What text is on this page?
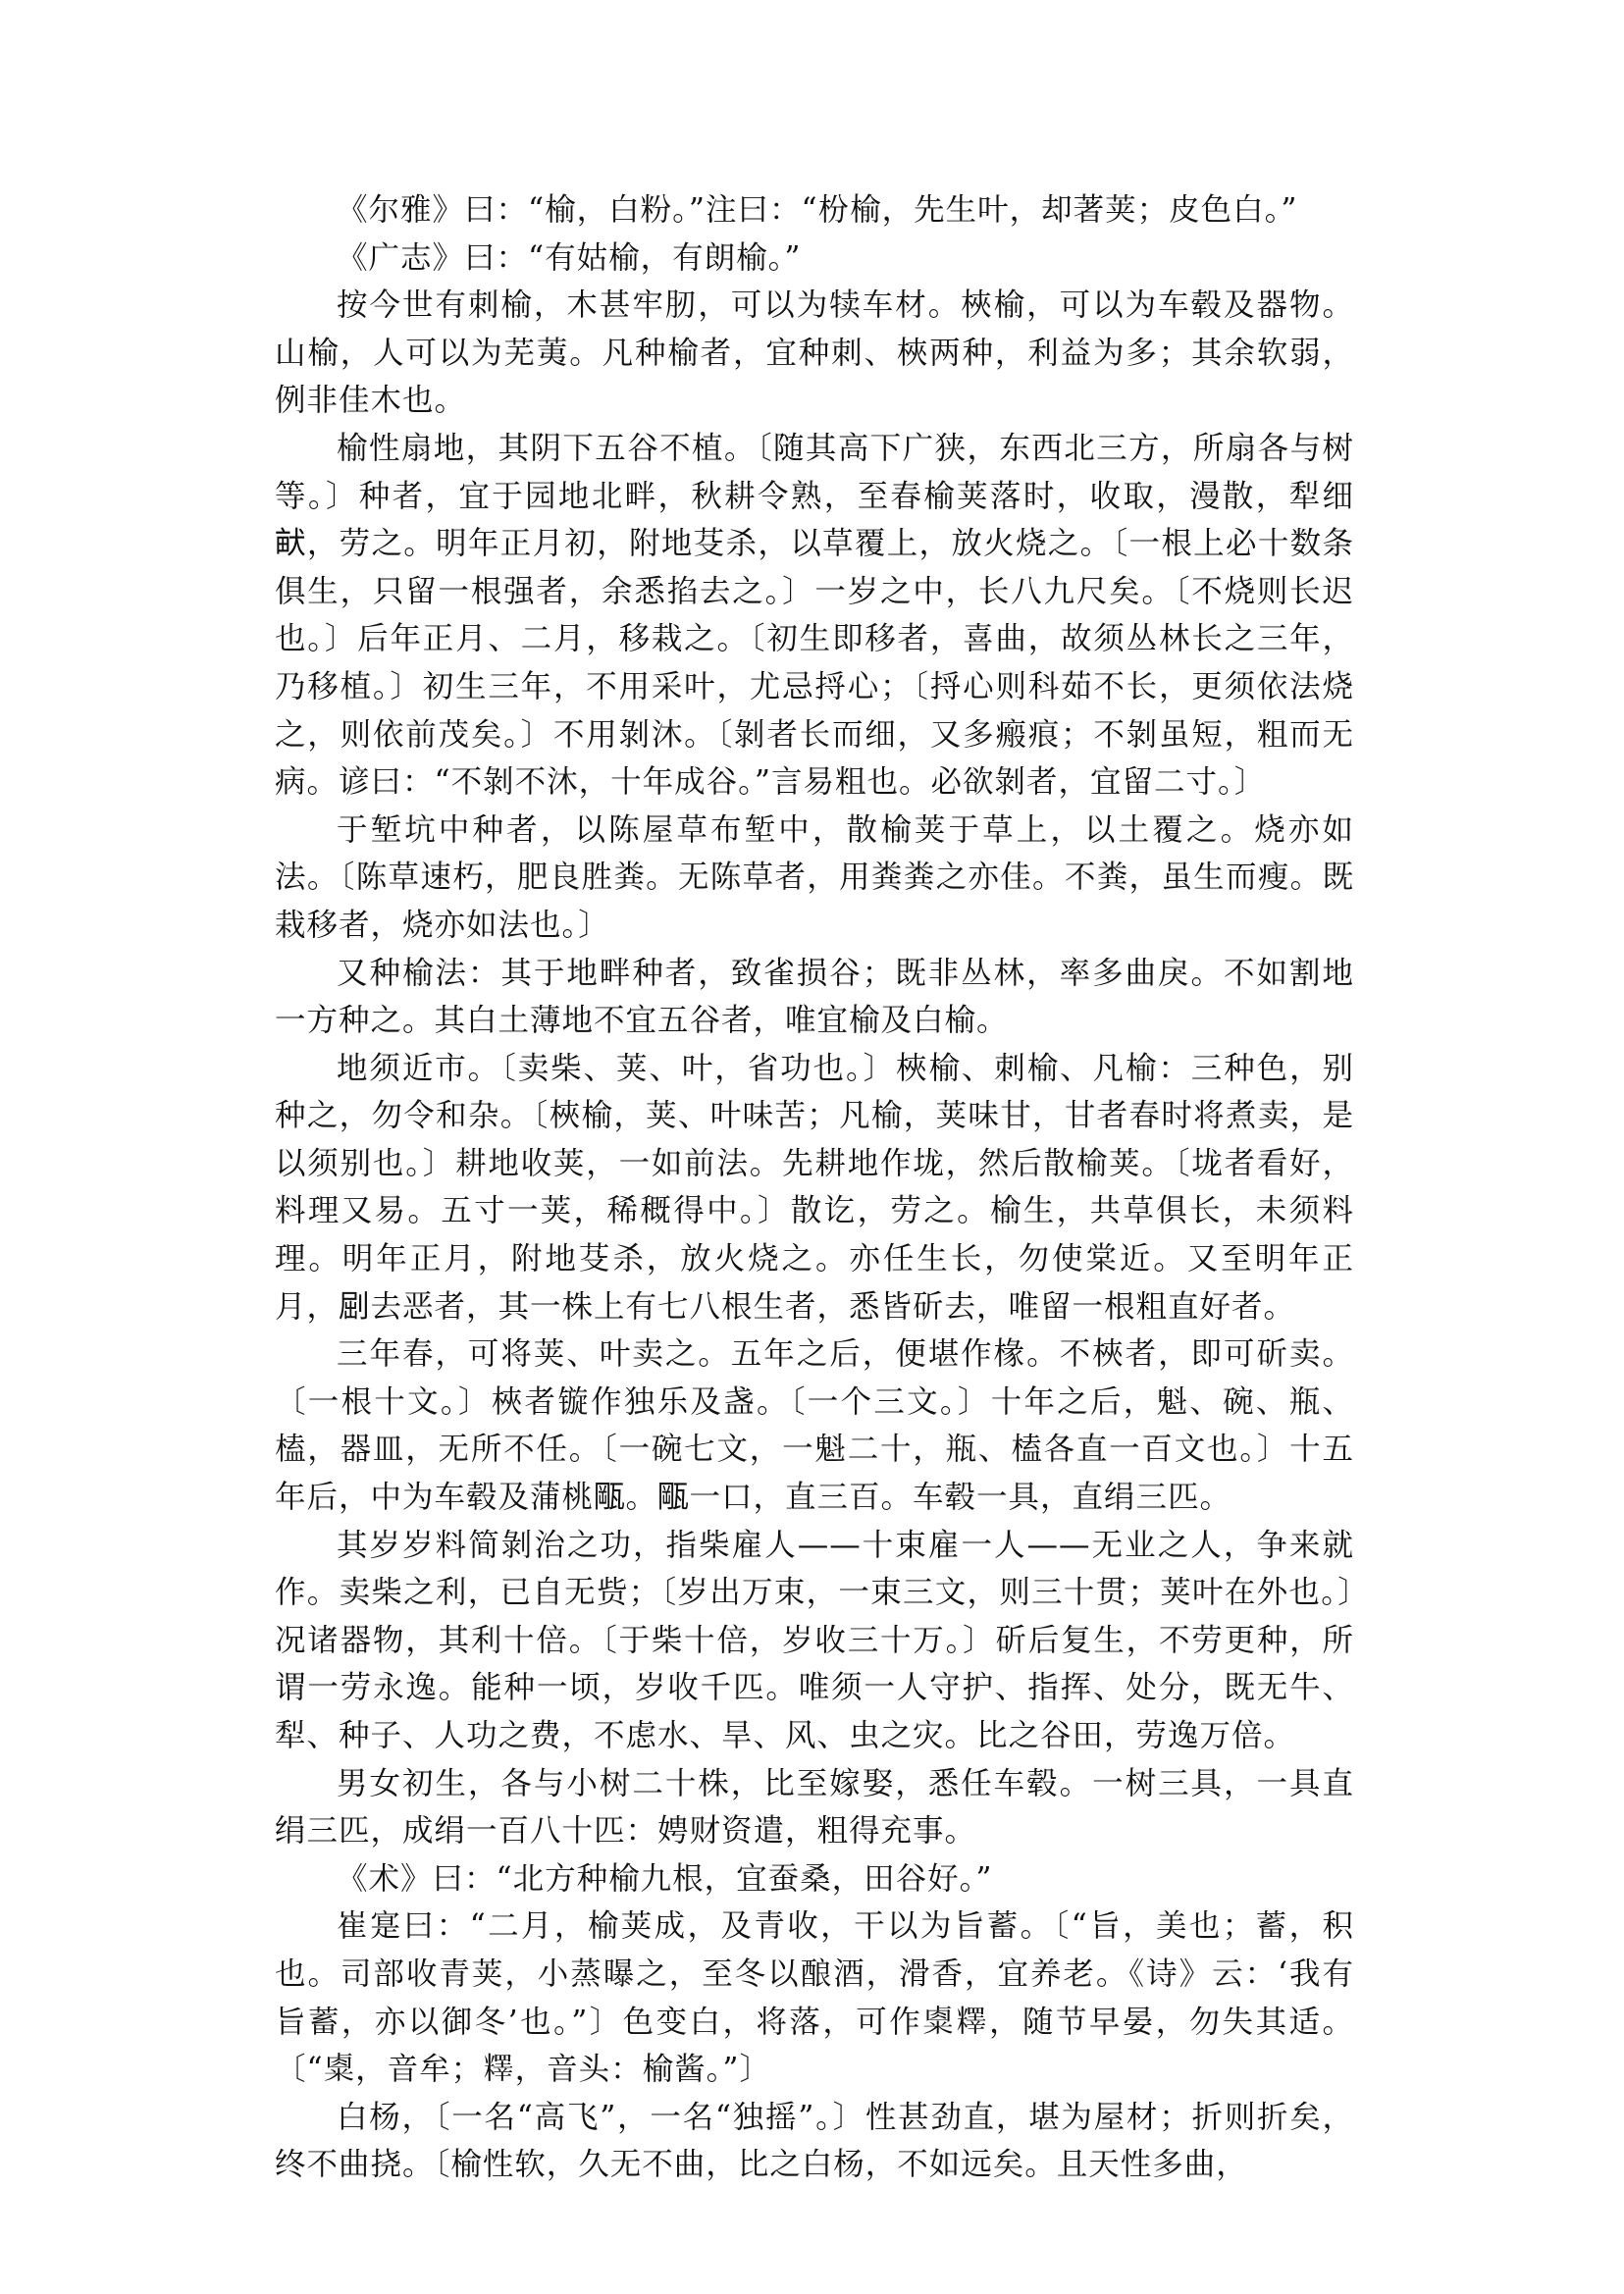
《尔雅》曰：“榆，白粉。”注曰：“枌榆，先生叶，却著荚；皮色白。”

《广志》曰：“有姑榆，有朗榆。”

按今世有刺榆，木甚牢肕，可以为犊车材。梜榆，可以为车毂及器物。山榆，人可以为芜荑。凡种榆者，宜种刺、梜两种，利益为多；其余软弱，例非佳木也。

榆性扇地，其阴下五谷不植。〔随其高下广狭，东西北三方，所扇各与树等。〕种者，宜于园地北畔，秋耕令熟，至春榆荚落时，收取，漫散，犁细𤱶，劳之。明年正月初，附地芟杀，以草覆上，放火烧之。〔一根上必十数条俱生，只留一根强者，余悉掐去之。〕一岁之中，长八九尺矣。〔不烧则长迟也。〕后年正月、二月，移栽之。〔初生即移者，喜曲，故须丛林长之三年，乃移植。〕初生三年，不用采叶，尤忌捋心；〔捋心则科茹不长，更须依法烧之，则依前茂矣。〕不用剝沐。〔剝者长而细，又多瘢痕；不剝虽短，粗而无病。谚曰：“不剝不沐，十年成谷。”言易粗也。必欲剝者，宜留二寸。〕

于堑坑中种者，以陈屋草布堑中，散榆荚于草上，以土覆之。烧亦如法。〔陈草速朽，肥良胜粪。无陈草者，用粪粪之亦佳。不粪，虽生而瘦。既栽移者，烧亦如法也。〕

又种榆法：其于地畔种者，致雀损谷；既非丛林，率多曲戾。不如割地一方种之。其白土薄地不宜五谷者，唯宜榆及白榆。

地须近市。〔卖柴、荚、叶，省功也。〕梜榆、刺榆、凡榆：三种色，别种之，勿令和杂。〔梜榆，荚、叶味苦；凡榆，荚味甘，甘者春时将煮卖，是以须别也。〕耕地收荚，一如前法。先耕地作垅，然后散榆荚。〔垅者看好，料理又易。五寸一荚，稀穊得中。〕散讫，劳之。榆生，共草俱长，未须料理。明年正月，附地芟杀，放火烧之。亦任生长，勿使棠近。又至明年正月，𠜾去恶者，其一株上有七八根生者，悉皆斫去，唯留一根粗直好者。

三年春，可将荚、叶卖之。五年之后，便堪作椽。不梜者，即可斫卖。〔一根十文。〕梜者镟作独乐及盏。〔一个三文。〕十年之后，魁、碗、瓶、榼，器皿，无所不任。〔一碗七文，一魁二十，瓶、榼各直一百文也。〕十五年后，中为车毂及蒲桃𤭛。𤭛一口，直三百。车毂一具，直绢三匹。

其岁岁料简剝治之功，指柴雇人——十束雇一人——无业之人，争来就作。卖柴之利，已自无赀；〔岁出万束，一束三文，则三十贯；荚叶在外也。〕况诸器物，其利十倍。〔于柴十倍，岁收三十万。〕斫后复生，不劳更种，所谓一劳永逸。能种一顷，岁收千匹。唯须一人守护、指挥、处分，既无牛、犁、种子、人功之费，不虑水、旱、风、虫之灾。比之谷田，劳逸万倍。

男女初生，各与小树二十株，比至嫁娶，悉任车毂。一树三具，一具直绢三匹，成绢一百八十匹：娉财资遣，粗得充事。

《术》曰：“北方种榆九根，宜蚕桑，田谷好。”

崔寔曰：“二月，榆荚成，及青收，干以为旨蓄。〔“旨，美也；蓄，积也。司部收青荚，小蒸曝之，至冬以酿酒，滑香，宜养老。《诗》云：‘我有旨蓄，亦以御冬’也。”〕色变白，将落，可作𥻆𥼶，随节早晏，勿失其适。〔“𥻆，音牟；𥼶，音头：榆酱。”〕

白杨，〔一名“高飞”，一名“独摇”。〕性甚劲直，堪为屋材；折则折矣，终不曲挠。〔榆性软，久无不曲，比之白杨，不如远矣。且天性多曲，
